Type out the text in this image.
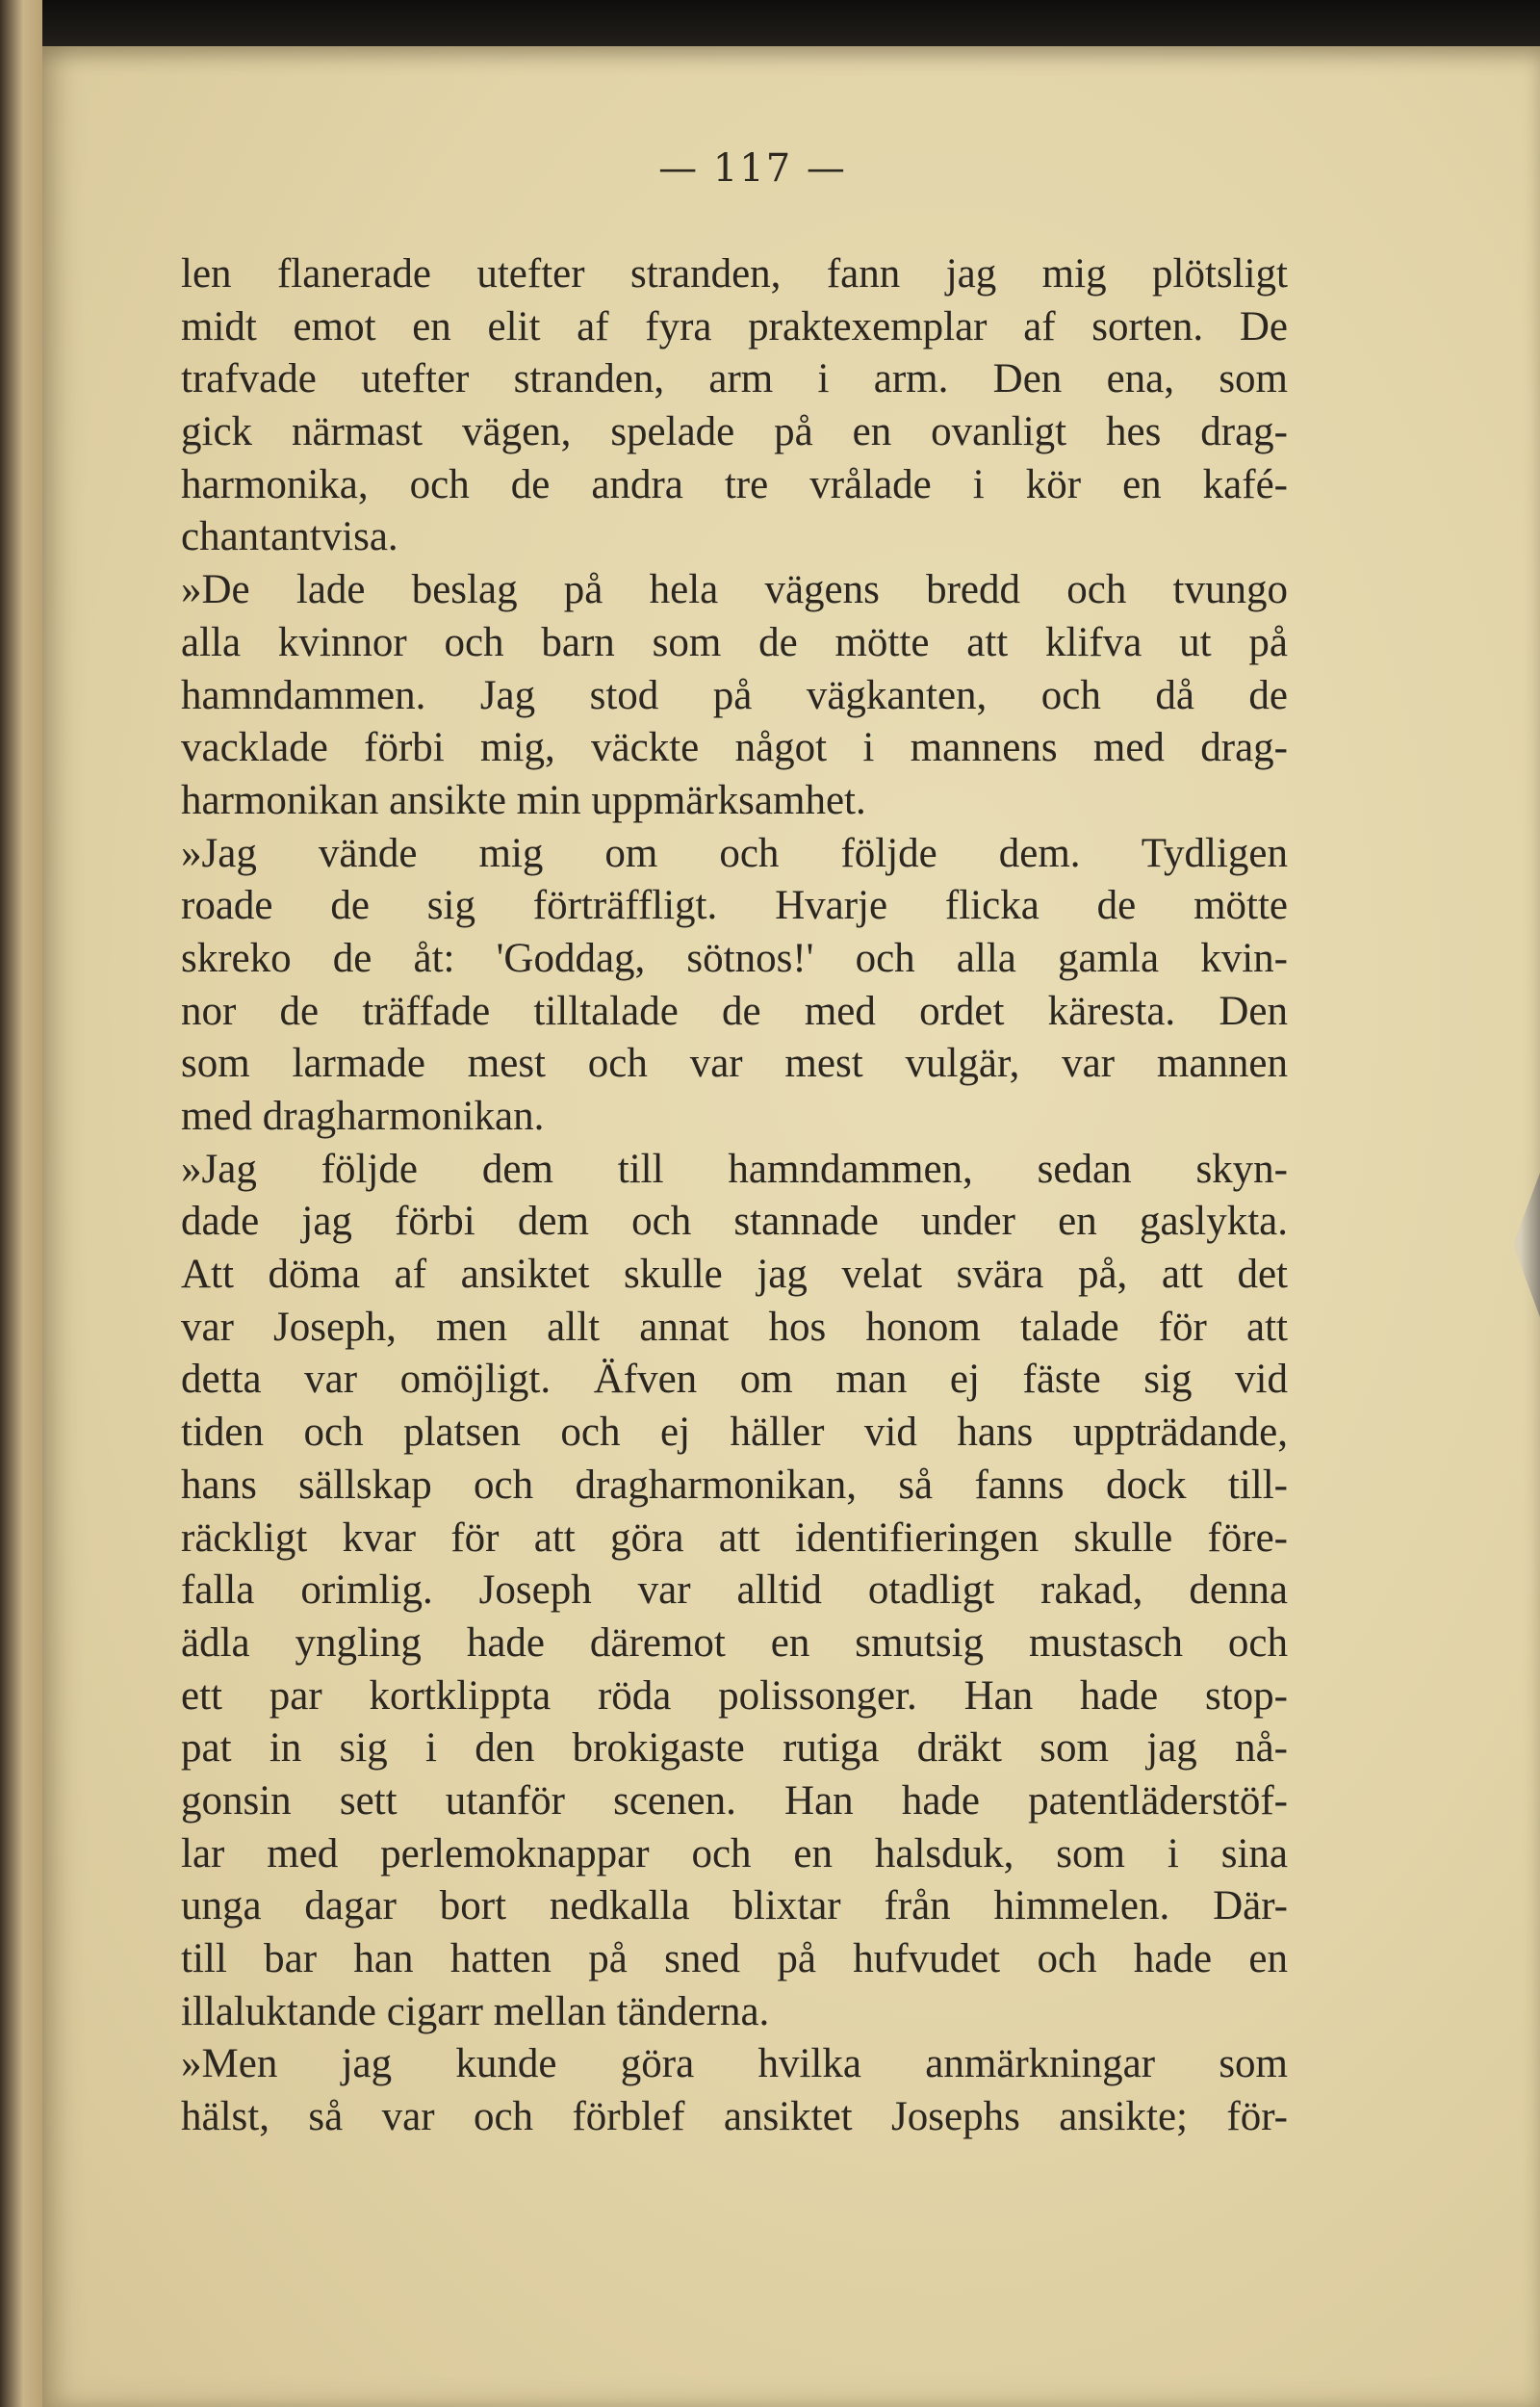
— 117 —
len flanerade utefter stranden, fann jag mig plötsligt
midt emot en elit af fyra praktexemplar af sorten. De
trafvade utefter stranden, arm i arm. Den ena, som
gick närmast vägen, spelade på en ovanligt hes drag-
harmonika, och de andra tre vrålade i kör en kafé-
chantantvisa.
»De lade beslag på hela vägens bredd och tvungo
alla kvinnor och barn som de mötte att klifva ut på
hamndammen. Jag stod på vägkanten, och då de
vacklade förbi mig, väckte något i mannens med drag-
harmonikan ansikte min uppmärksamhet.
»Jag vände mig om och följde dem. Tydligen
roade de sig förträffligt. Hvarje flicka de mötte
skreko de åt: 'Goddag, sötnos!' och alla gamla kvin-
nor de träffade tilltalade de med ordet käresta. Den
som larmade mest och var mest vulgär, var mannen
med dragharmonikan.
»Jag följde dem till hamndammen, sedan skyn-
dade jag förbi dem och stannade under en gaslykta.
Att döma af ansiktet skulle jag velat svära på, att det
var Joseph, men allt annat hos honom talade för att
detta var omöjligt. Äfven om man ej fäste sig vid
tiden och platsen och ej häller vid hans uppträdande,
hans sällskap och dragharmonikan, så fanns dock till-
räckligt kvar för att göra att identifieringen skulle före-
falla orimlig. Joseph var alltid otadligt rakad, denna
ädla yngling hade däremot en smutsig mustasch och
ett par kortklippta röda polissonger. Han hade stop-
pat in sig i den brokigaste rutiga dräkt som jag nå-
gonsin sett utanför scenen. Han hade patentläderstöf-
lar med perlemoknappar och en halsduk, som i sina
unga dagar bort nedkalla blixtar från himmelen. Där-
till bar han hatten på sned på hufvudet och hade en
illaluktande cigarr mellan tänderna.
»Men jag kunde göra hvilka anmärkningar som
hälst, så var och förblef ansiktet Josephs ansikte; för-
